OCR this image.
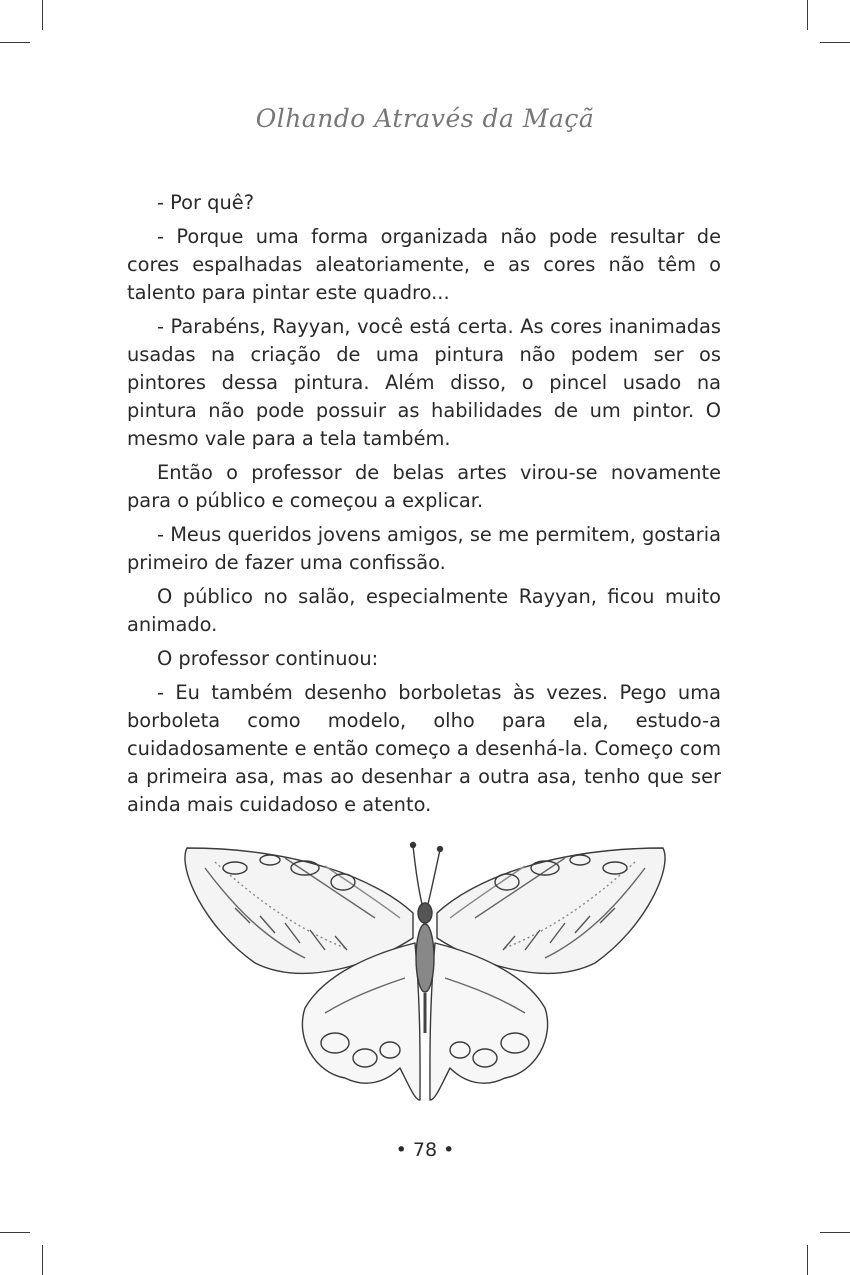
Olhando Através da Maçã

- Por quê?

- Porque uma forma organizada não pode resultar de cores espalhadas aleatoriamente, e as cores não têm o talento para pintar este quadro...

- Parabéns, Rayyan, você está certa. As cores inanimadas usadas na criação de uma pintura não podem ser os pintores dessa pintura. Além disso, o pincel usado na pintura não pode possuir as habilidades de um pintor. O mesmo vale para a tela também.

Então o professor de belas artes virou-se novamente para o público e começou a explicar.

- Meus queridos jovens amigos, se me permitem, gostaria primeiro de fazer uma confissão.

O público no salão, especialmente Rayyan, ficou muito animado.

O professor continuou:

- Eu também desenho borboletas às vezes. Pego uma borboleta como modelo, olho para ela, estudo-a cuidadosamente e então começo a desenhá-la. Começo com a primeira asa, mas ao desenhar a outra asa, tenho que ser ainda mais cuidadoso e atento.

• 78 •
